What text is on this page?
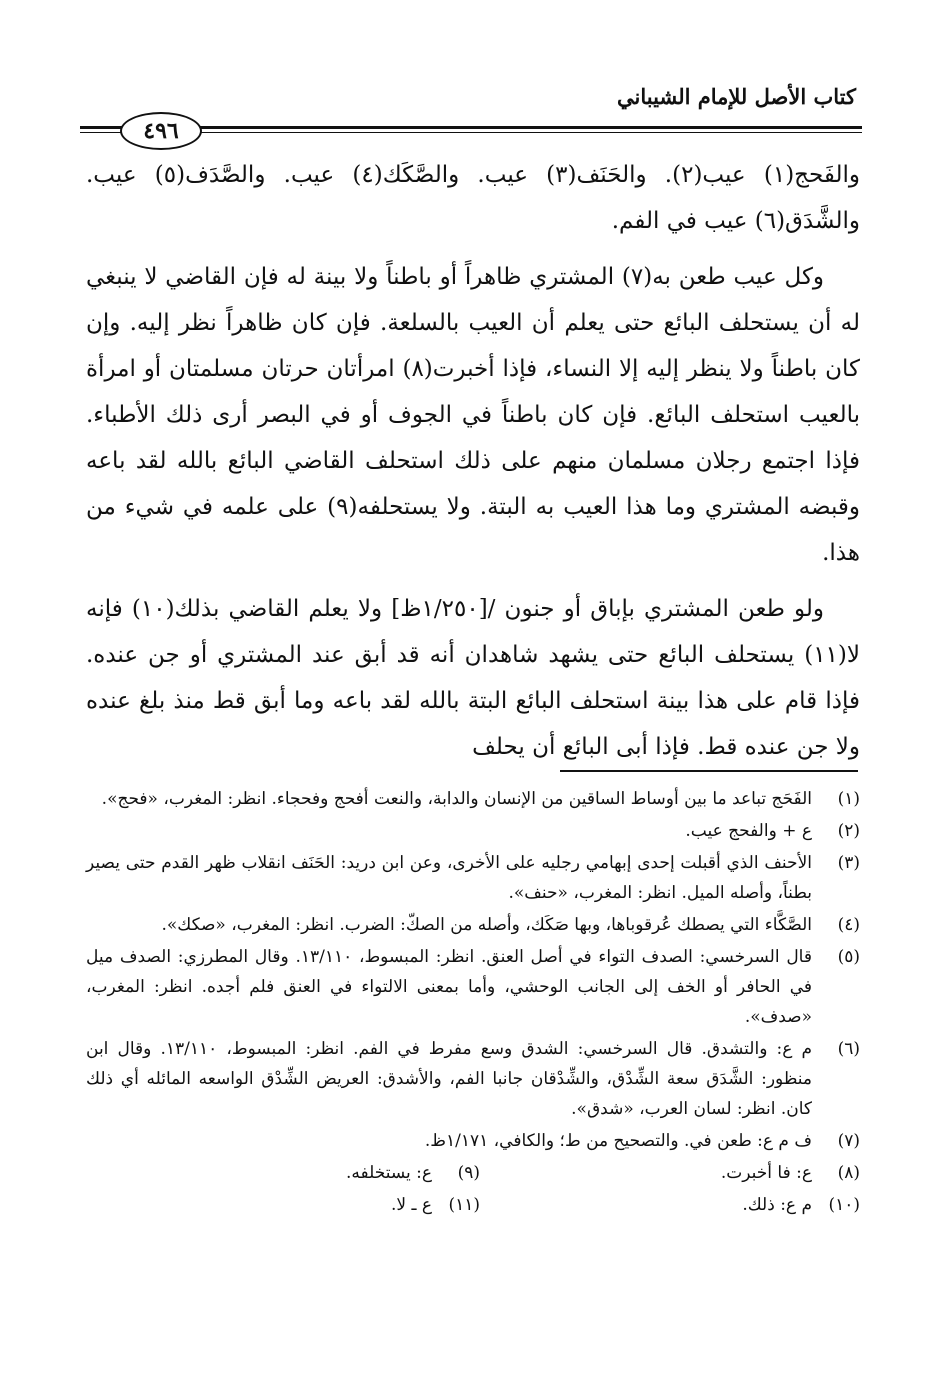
كتاب الأصل للإمام الشيباني
٤٩٦

والفَحج(١) عيب(٢). والحَنَف(٣) عيب. والصَّكَك(٤) عيب. والصَّدَف(٥) عيب. والشَّدَق(٦) عيب في الفم.

وكل عيب طعن به(٧) المشتري ظاهراً أو باطناً ولا بينة له فإن القاضي لا ينبغي له أن يستحلف البائع حتى يعلم أن العيب بالسلعة. فإن كان ظاهراً نظر إليه. وإن كان باطناً ولا ينظر إليه إلا النساء، فإذا أخبرت(٨) امرأتان حرتان مسلمتان أو امرأة بالعيب استحلف البائع. فإن كان باطناً في الجوف أو في البصر أرى ذلك الأطباء. فإذا اجتمع رجلان مسلمان منهم على ذلك استحلف القاضي البائع بالله لقد باعه وقبضه المشتري وما هذا العيب به البتة. ولا يستحلفه(٩) على علمه في شيء من هذا.

ولو طعن المشتري بإباق أو جنون /[١/٢٥٠ظ] ولا يعلم القاضي بذلك(١٠) فإنه لا(١١) يستحلف البائع حتى يشهد شاهدان أنه قد أبق عند المشتري أو جن عنده. فإذا قام على هذا بينة استحلف البائع البتة بالله لقد باعه وما أبق قط منذ بلغ عنده ولا جن عنده قط. فإذا أبى البائع أن يحلف

(١)
الفَحَج تباعد ما بين أوساط الساقين من الإنسان والدابة، والنعت أفحج وفحجاء. انظر: المغرب، «فحج».
(٢)
ع + والفحج عيب.
(٣)
الأحنف الذي أقبلت إحدى إبهامي رجليه على الأخرى، وعن ابن دريد: الحَنَف انقلاب ظهر القدم حتى يصير بطناً، وأصله الميل. انظر: المغرب، «حنف».
(٤)
الصَّكَّاء التي يصطك عُرقوباها، وبها صَكَك، وأصله من الصكّ: الضرب. انظر: المغرب، «صكك».
(٥)
قال السرخسي: الصدف التواء في أصل العنق. انظر: المبسوط، ١٣/١١٠. وقال المطرزي: الصدف ميل في الحافر أو الخف إلى الجانب الوحشي، وأما بمعنى الالتواء في العنق فلم أجده. انظر: المغرب، «صدف».
(٦)
م ع: والتشدق. قال السرخسي: الشدق وسع مفرط في الفم. انظر: المبسوط، ١٣/١١٠. وقال ابن منظور: الشَّدَق سعة الشِّدْق، والشِّدْقان جانبا الفم، والأشدق: العريض الشِّدْق الواسعه المائله أي ذلك كان. انظر: لسان العرب، «شدق».
(٧)
ف م ع: طعن في. والتصحيح من ط؛ والكافي، ١/١٧١ظ.
(٨)
ع: فا أخبرت.
(٩)
ع: يستخلفه.
(١٠)
م ع: ذلك.
(١١)
ع ـ لا.
